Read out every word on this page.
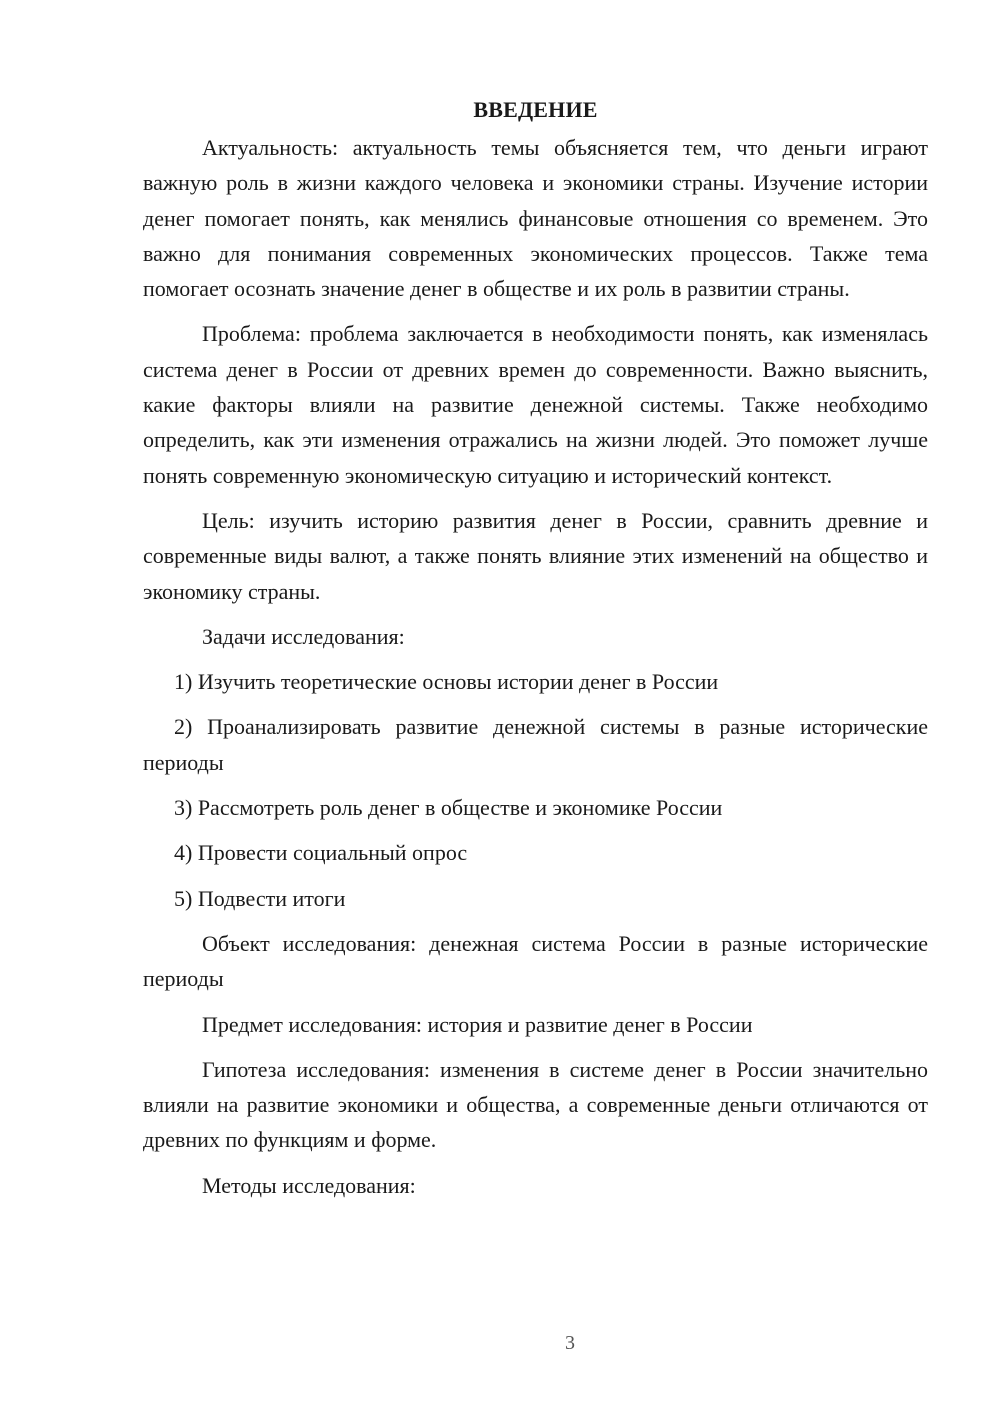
ВВЕДЕНИЕ

Актуальность: актуальность темы объясняется тем, что деньги играют важную роль в жизни каждого человека и экономики страны. Изучение истории денег помогает понять, как менялись финансовые отношения со временем. Это важно для понимания современных экономических процессов. Также тема помогает осознать значение денег в обществе и их роль в развитии страны.

Проблема: проблема заключается в необходимости понять, как изменялась система денег в России от древних времен до современности. Важно выяснить, какие факторы влияли на развитие денежной системы. Также необходимо определить, как эти изменения отражались на жизни людей. Это поможет лучше понять современную экономическую ситуацию и исторический контекст.

Цель: изучить историю развития денег в России, сравнить древние и современные виды валют, а также понять влияние этих изменений на общество и экономику страны.

Задачи исследования:

1) Изучить теоретические основы истории денег в России

2) Проанализировать развитие денежной системы в разные исторические периоды

3) Рассмотреть роль денег в обществе и экономике России

4) Провести социальный опрос

5) Подвести итоги

Объект исследования: денежная система России в разные исторические периоды

Предмет исследования: история и развитие денег в России

Гипотеза исследования: изменения в системе денег в России значительно влияли на развитие экономики и общества, а современные деньги отличаются от древних по функциям и форме.

Методы исследования:

3
